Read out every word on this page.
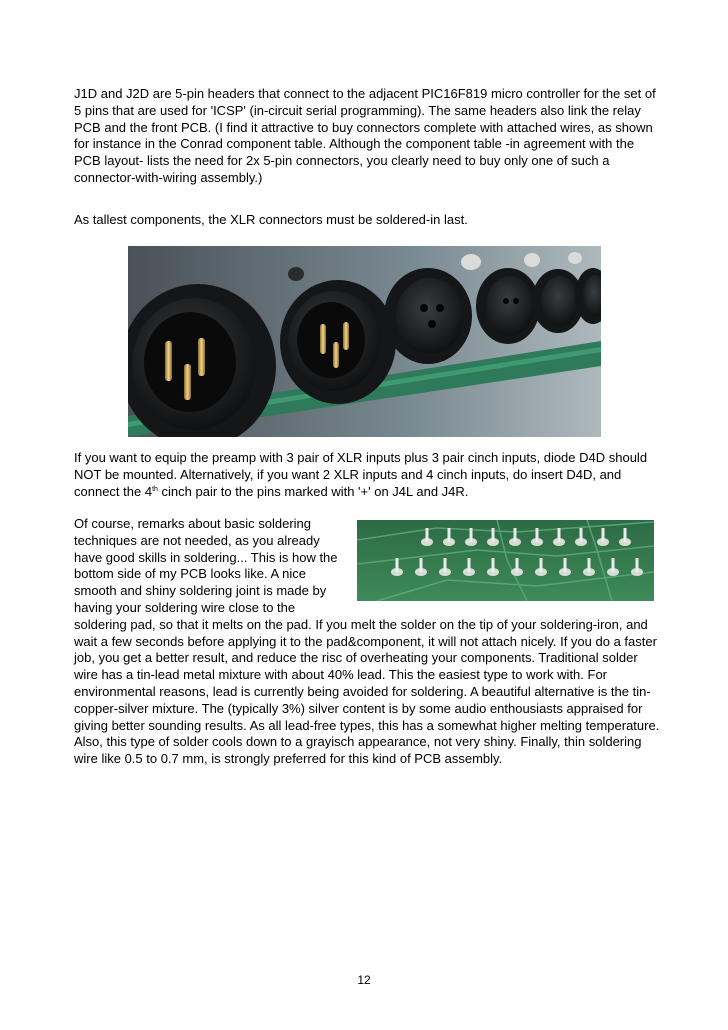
J1D and J2D are 5-pin headers that connect to the adjacent PIC16F819 micro controller for the set of 5 pins that are used for 'ICSP' (in-circuit serial programming). The same headers also link the relay PCB and the front PCB. (I find it attractive to buy connectors complete with attached wires, as shown for instance in the Conrad component table. Although the component table -in agreement with the PCB layout- lists the need for 2x 5-pin connectors, you clearly need to buy only one of such a connector-with-wiring assembly.)

As tallest components, the XLR connectors must be soldered-in last.

If you want to equip the preamp with 3 pair of XLR inputs plus 3 pair cinch inputs, diode D4D should NOT be mounted. Alternatively, if you want 2 XLR inputs and 4 cinch inputs, do insert D4D, and connect the 4th cinch pair to the pins marked with '+' on J4L and J4R.

Of course, remarks about basic soldering techniques are not needed, as you already have good skills in soldering... This is how the bottom side of my PCB looks like. A nice smooth and shiny soldering joint is made by having your soldering wire close to the
soldering pad, so that it melts on the pad. If you melt the solder on the tip of your soldering-iron, and wait a few seconds before applying it to the pad&component, it will not attach nicely. If you do a faster job, you get a better result, and reduce the risc of overheating your components. Traditional solder wire has a tin-lead metal mixture with about 40% lead. This the easiest type to work with. For environmental reasons, lead is currently being avoided for soldering. A beautiful alternative is the tin-copper-silver mixture. The (typically 3%) silver content is by some audio enthousiasts appraised for giving better sounding results. As all lead-free types, this has a somewhat higher melting temperature. Also, this type of solder cools down to a grayisch appearance, not very shiny. Finally, thin soldering wire like 0.5 to 0.7 mm, is strongly preferred for this kind of PCB assembly.
12
